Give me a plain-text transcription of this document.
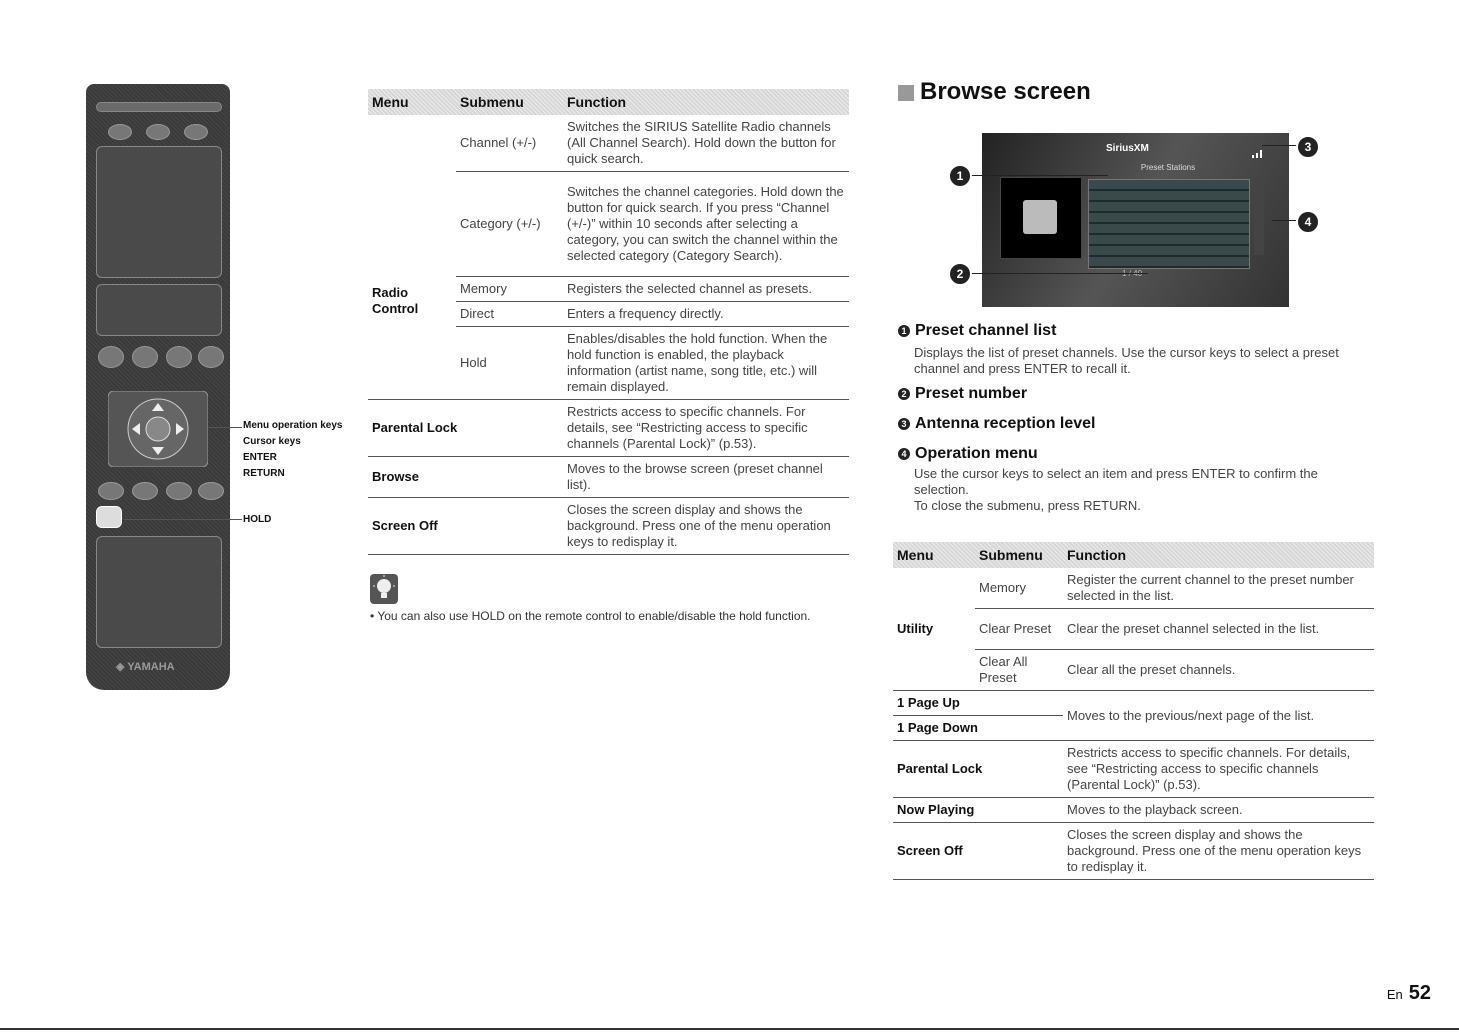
◈ YAMAHA
Menu operation keys
Cursor keys
ENTER
RETURN
HOLD
Menu	Submenu	Function
Radio Control	Channel (+/-)	Switches the SIRIUS Satellite Radio channels (All Channel Search). Hold down the button for quick search.
	Category (+/-)	Switches the channel categories. Hold down the button for quick search. If you press “Channel (+/-)” within 10 seconds after selecting a category, you can switch the channel within the selected category (Category Search).
	Memory	Registers the selected channel as presets.
	Direct	Enters a frequency directly.
	Hold	Enables/disables the hold function. When the hold function is enabled, the playback information (artist name, song title, etc.) will remain displayed.
Parental Lock		Restricts access to specific channels. For details, see “Restricting access to specific channels (Parental Lock)” (p.53).
Browse		Moves to the browse screen (preset channel list).
Screen Off		Closes the screen display and shows the background. Press one of the menu operation keys to redisplay it.
• You can also use HOLD on the remote control to enable/disable the hold function.
Browse screen
SiriusXM
Preset Stations
1
2
3
4
1 Preset channel list
Displays the list of preset channels. Use the cursor keys to select a preset channel and press ENTER to recall it.
2 Preset number
3 Antenna reception level
4 Operation menu
Use the cursor keys to select an item and press ENTER to confirm the selection.
To close the submenu, press RETURN.
Menu	Submenu	Function
Utility	Memory	Register the current channel to the preset number selected in the list.
	Clear Preset	Clear the preset channel selected in the list.
	Clear All Preset	Clear all the preset channels.
1 Page Up		Moves to the previous/next page of the list.
1 Page Down		
Parental Lock		Restricts access to specific channels. For details, see “Restricting access to specific channels (Parental Lock)” (p.53).
Now Playing		Moves to the playback screen.
Screen Off		Closes the screen display and shows the background. Press one of the menu operation keys to redisplay it.
En 52
